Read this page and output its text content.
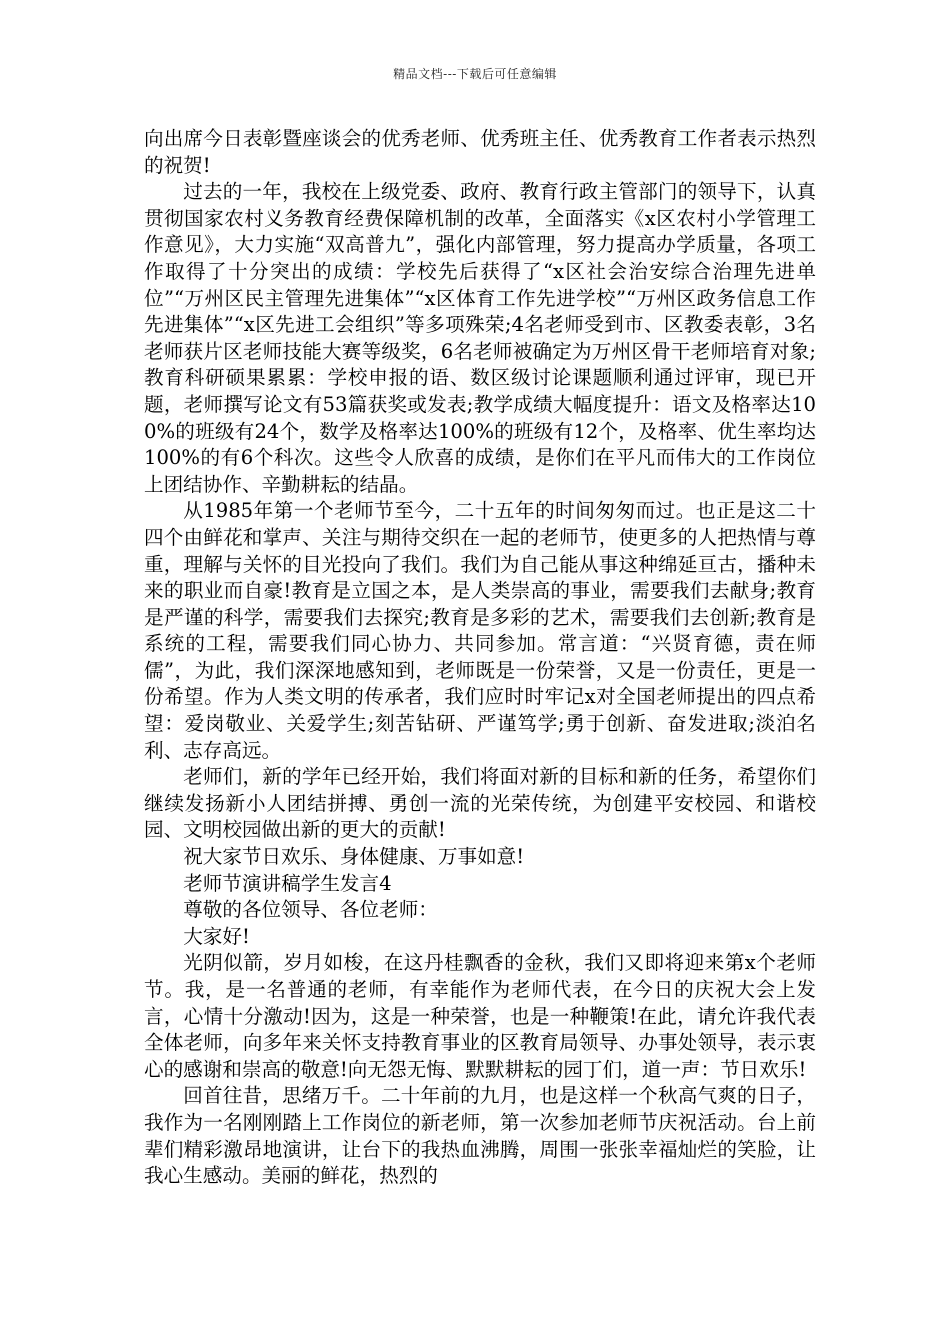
精品文档---下载后可任意编辑

向出席今日表彰暨座谈会的优秀老师、优秀班主任、优秀教育工作者表示热烈的祝贺!

过去的一年，我校在上级党委、政府、教育行政主管部门的领导下，认真贯彻国家农村义务教育经费保障机制的改革，全面落实《x区农村小学管理工作意见》，大力实施“双高普九”，强化内部管理，努力提高办学质量，各项工作取得了十分突出的成绩：学校先后获得了“x区社会治安综合治理先进单位”“万州区民主管理先进集体”“x区体育工作先进学校”“万州区政务信息工作先进集体”“x区先进工会组织”等多项殊荣;4名老师受到市、区教委表彰，3名老师获片区老师技能大赛等级奖，6名老师被确定为万州区骨干老师培育对象;教育科研硕果累累：学校申报的语、数区级讨论课题顺利通过评审，现已开题，老师撰写论文有53篇获奖或发表;教学成绩大幅度提升：语文及格率达100%的班级有24个，数学及格率达100%的班级有12个，及格率、优生率均达100%的有6个科次。这些令人欣喜的成绩，是你们在平凡而伟大的工作岗位上团结协作、辛勤耕耘的结晶。

从1985年第一个老师节至今，二十五年的时间匆匆而过。也正是这二十四个由鲜花和掌声、关注与期待交织在一起的老师节，使更多的人把热情与尊重，理解与关怀的目光投向了我们。我们为自己能从事这种绵延亘古，播种未来的职业而自豪!教育是立国之本，是人类崇高的事业，需要我们去献身;教育是严谨的科学，需要我们去探究;教育是多彩的艺术，需要我们去创新;教育是系统的工程，需要我们同心协力、共同参加。常言道：“兴贤育德，责在师儒”，为此，我们深深地感知到，老师既是一份荣誉，又是一份责任，更是一份希望。作为人类文明的传承者，我们应时时牢记x对全国老师提出的四点希望：爱岗敬业、关爱学生;刻苦钻研、严谨笃学;勇于创新、奋发进取;淡泊名利、志存高远。

老师们，新的学年已经开始，我们将面对新的目标和新的任务，希望你们继续发扬新小人团结拼搏、勇创一流的光荣传统，为创建平安校园、和谐校园、文明校园做出新的更大的贡献!

祝大家节日欢乐、身体健康、万事如意!

老师节演讲稿学生发言4

尊敬的各位领导、各位老师：

大家好!

光阴似箭，岁月如梭，在这丹桂飘香的金秋，我们又即将迎来第x个老师节。我，是一名普通的老师，有幸能作为老师代表，在今日的庆祝大会上发言，心情十分激动!因为，这是一种荣誉，也是一种鞭策!在此，请允许我代表全体老师，向多年来关怀支持教育事业的区教育局领导、办事处领导，表示衷心的感谢和崇高的敬意!向无怨无悔、默默耕耘的园丁们，道一声：节日欢乐!

回首往昔，思绪万千。二十年前的九月，也是这样一个秋高气爽的日子，我作为一名刚刚踏上工作岗位的新老师，第一次参加老师节庆祝活动。台上前辈们精彩激昂地演讲，让台下的我热血沸腾，周围一张张幸福灿烂的笑脸，让我心生感动。美丽的鲜花，热烈的
